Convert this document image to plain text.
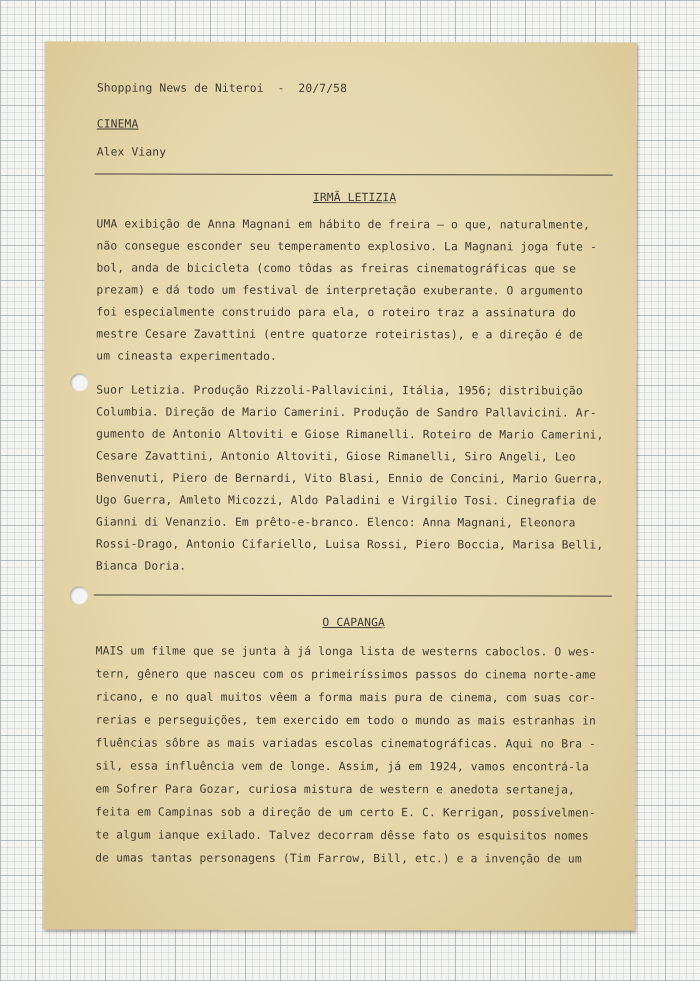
Shopping News de Niteroi  -  20/7/58
CINEMA
Alex Viany
IRMÃ LETIZIA
UMA exibição de Anna Magnani em hábito de freira — o que, naturalmente,
não consegue esconder seu temperamento explosivo. La Magnani joga fute -
bol, anda de bicicleta (como tôdas as freiras cinematográficas que se
prezam) e dá todo um festival de interpretação exuberante. O argumento
foi especialmente construido para ela, o roteiro traz a assinatura do
mestre Cesare Zavattini (entre quatorze roteiristas), e a direção é de
um cineasta experimentado.
Suor Letizia. Produção Rizzoli-Pallavicini, Itália, 1956; distribuição
Columbia. Direção de Mario Camerini. Produção de Sandro Pallavicini. Ar-
gumento de Antonio Altoviti e Giose Rimanelli. Roteiro de Mario Camerini,
Cesare Zavattini, Antonio Altoviti, Giose Rimanelli, Siro Angeli, Leo
Benvenuti, Piero de Bernardi, Vito Blasi, Ennio de Concini, Mario Guerra,
Ugo Guerra, Amleto Micozzi, Aldo Paladini e Virgilio Tosi. Cinegrafia de
Gianni di Venanzio. Em prêto-e-branco. Elenco: Anna Magnani, Eleonora
Rossi-Drago, Antonio Cifariello, Luisa Rossi, Piero Boccia, Marisa Belli,
Bianca Doria.
O CAPANGA
MAIS um filme que se junta à já longa lista de westerns caboclos. O wes-
tern, gênero que nasceu com os primeiríssimos passos do cinema norte-ame
ricano, e no qual muitos vêem a forma mais pura de cinema, com suas cor-
rerias e perseguições, tem exercido em todo o mundo as mais estranhas in
fluências sôbre as mais variadas escolas cinematográficas. Aqui no Bra -
sil, essa influência vem de longe. Assim, já em 1924, vamos encontrá-la
em Sofrer Para Gozar, curiosa mistura de western e anedota sertaneja,
feita em Campinas sob a direção de um certo E. C. Kerrigan, possívelmen-
te algum ianque exilado. Talvez decorram dêsse fato os esquisitos nomes
de umas tantas personagens (Tim Farrow, Bill, etc.) e a invenção de um
